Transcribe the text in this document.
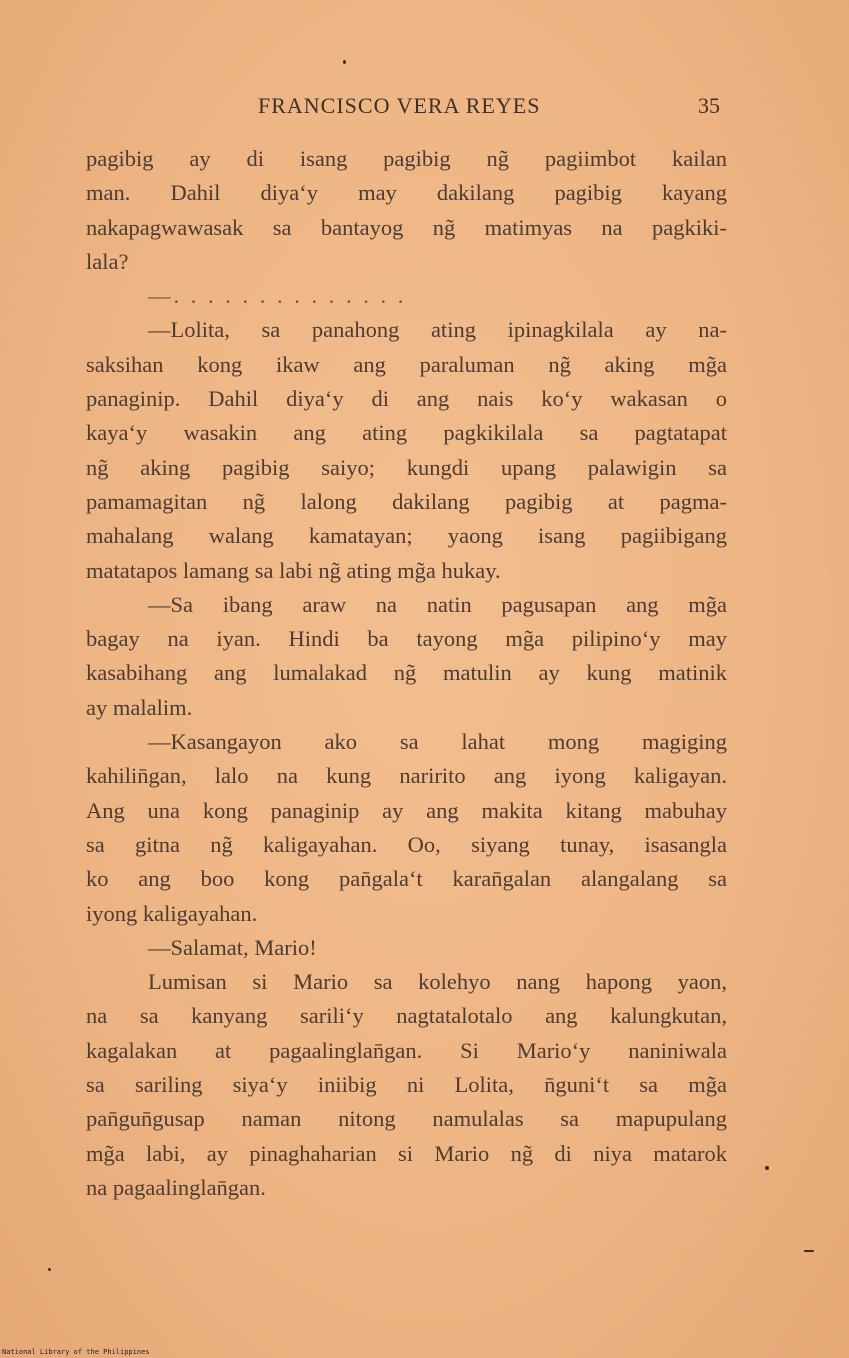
FRANCISCO VERA REYES	35
pagibig ay di isang pagibig ng̃ pagiimbot kailan
man. Dahil diya‘y may dakilang pagibig kayang
nakapagwawasak sa bantayog ng̃ matimyas na pagkiki-
lala?
—. . . . . . . . . . . . . .
—Lolita, sa panahong ating ipinagkilala ay na-
saksihan kong ikaw ang paraluman ng̃ aking mg̃a
panaginip. Dahil diya‘y di ang nais ko‘y wakasan o
kaya‘y wasakin ang ating pagkikilala sa pagtatapat
ng̃ aking pagibig saiyo; kungdi upang palawigin sa
pamamagitan ng̃ lalong dakilang pagibig at pagma-
mahalang walang kamatayan; yaong isang pagiibigang
matatapos lamang sa labi ng̃ ating mg̃a hukay.
—Sa ibang araw na natin pagusapan ang mg̃a
bagay na iyan. Hindi ba tayong mg̃a pilipino‘y may
kasabihang ang lumalakad ng̃ matulin ay kung matinik
ay malalim.
—Kasangayon ako sa lahat mong magiging
kahilin̄gan, lalo na kung naririto ang iyong kaligayan.
Ang una kong panaginip ay ang makita kitang mabuhay
sa gitna ng̃ kaligayahan. Oo, siyang tunay, isasangla
ko ang boo kong pan̄gala‘t karan̄galan alangalang sa
iyong kaligayahan.
—Salamat, Mario!
Lumisan si Mario sa kolehyo nang hapong yaon,
na sa kanyang sarili‘y nagtatalotalo ang kalungkutan,
kagalakan at pagaalinglan̄gan. Si Mario‘y naniniwala
sa sariling siya‘y iniibig ni Lolita, n̄guni‘t sa mg̃a
pan̄gun̄gusap naman nitong namulalas sa mapupulang
mg̃a labi, ay pinaghaharian si Mario ng̃ di niya matarok
na pagaalinglan̄gan.
National Library of the Philippines
